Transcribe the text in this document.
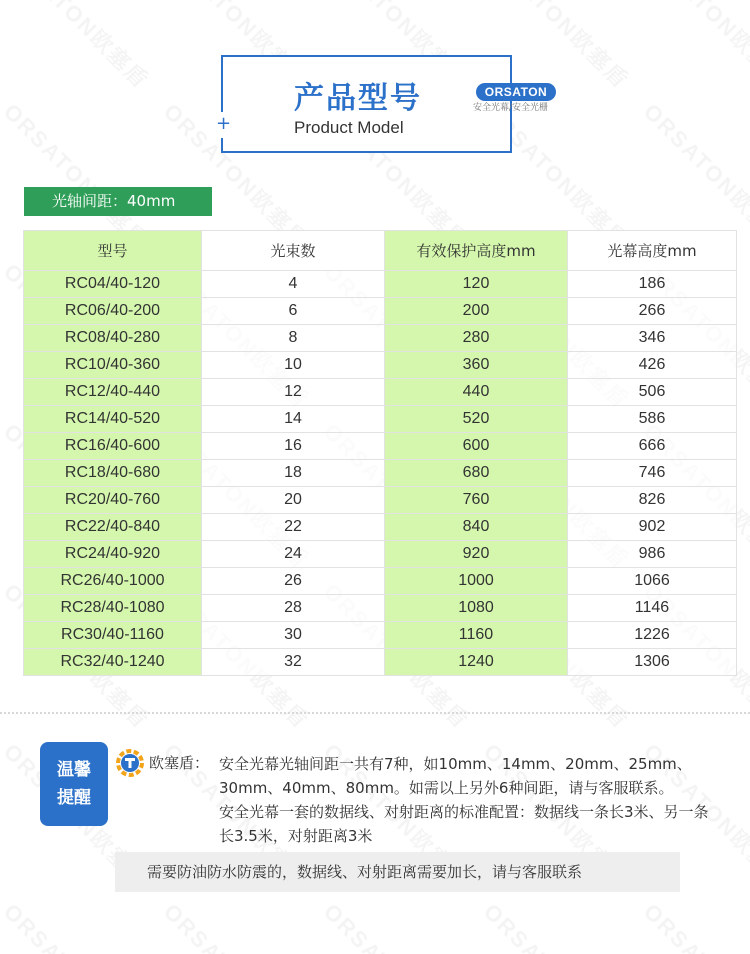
+
产品型号
Product Model
ORSATON
安全光幕/安全光栅
光轴间距：40mm
型号	光束数	有效保护高度mm	光幕高度mm
RC04/40-120	4	120	186
RC06/40-200	6	200	266
RC08/40-280	8	280	346
RC10/40-360	10	360	426
RC12/40-440	12	440	506
RC14/40-520	14	520	586
RC16/40-600	16	600	666
RC18/40-680	18	680	746
RC20/40-760	20	760	826
RC22/40-840	22	840	902
RC24/40-920	24	920	986
RC26/40-1000	26	1000	1066
RC28/40-1080	28	1080	1146
RC30/40-1160	30	1160	1226
RC32/40-1240	32	1240	1306
温馨
提醒
欧塞盾： 安全光幕光轴间距一共有7种，如10mm、14mm、20mm、25mm、30mm、40mm、80mm。如需以上另外6种间距，请与客服联系。

安全光幕一套的数据线、对射距离的标准配置：数据线一条长3米、另一条长3.5米，对射距离3米

需要防油防水防震的，数据线、对射距离需要加长，请与客服联系
